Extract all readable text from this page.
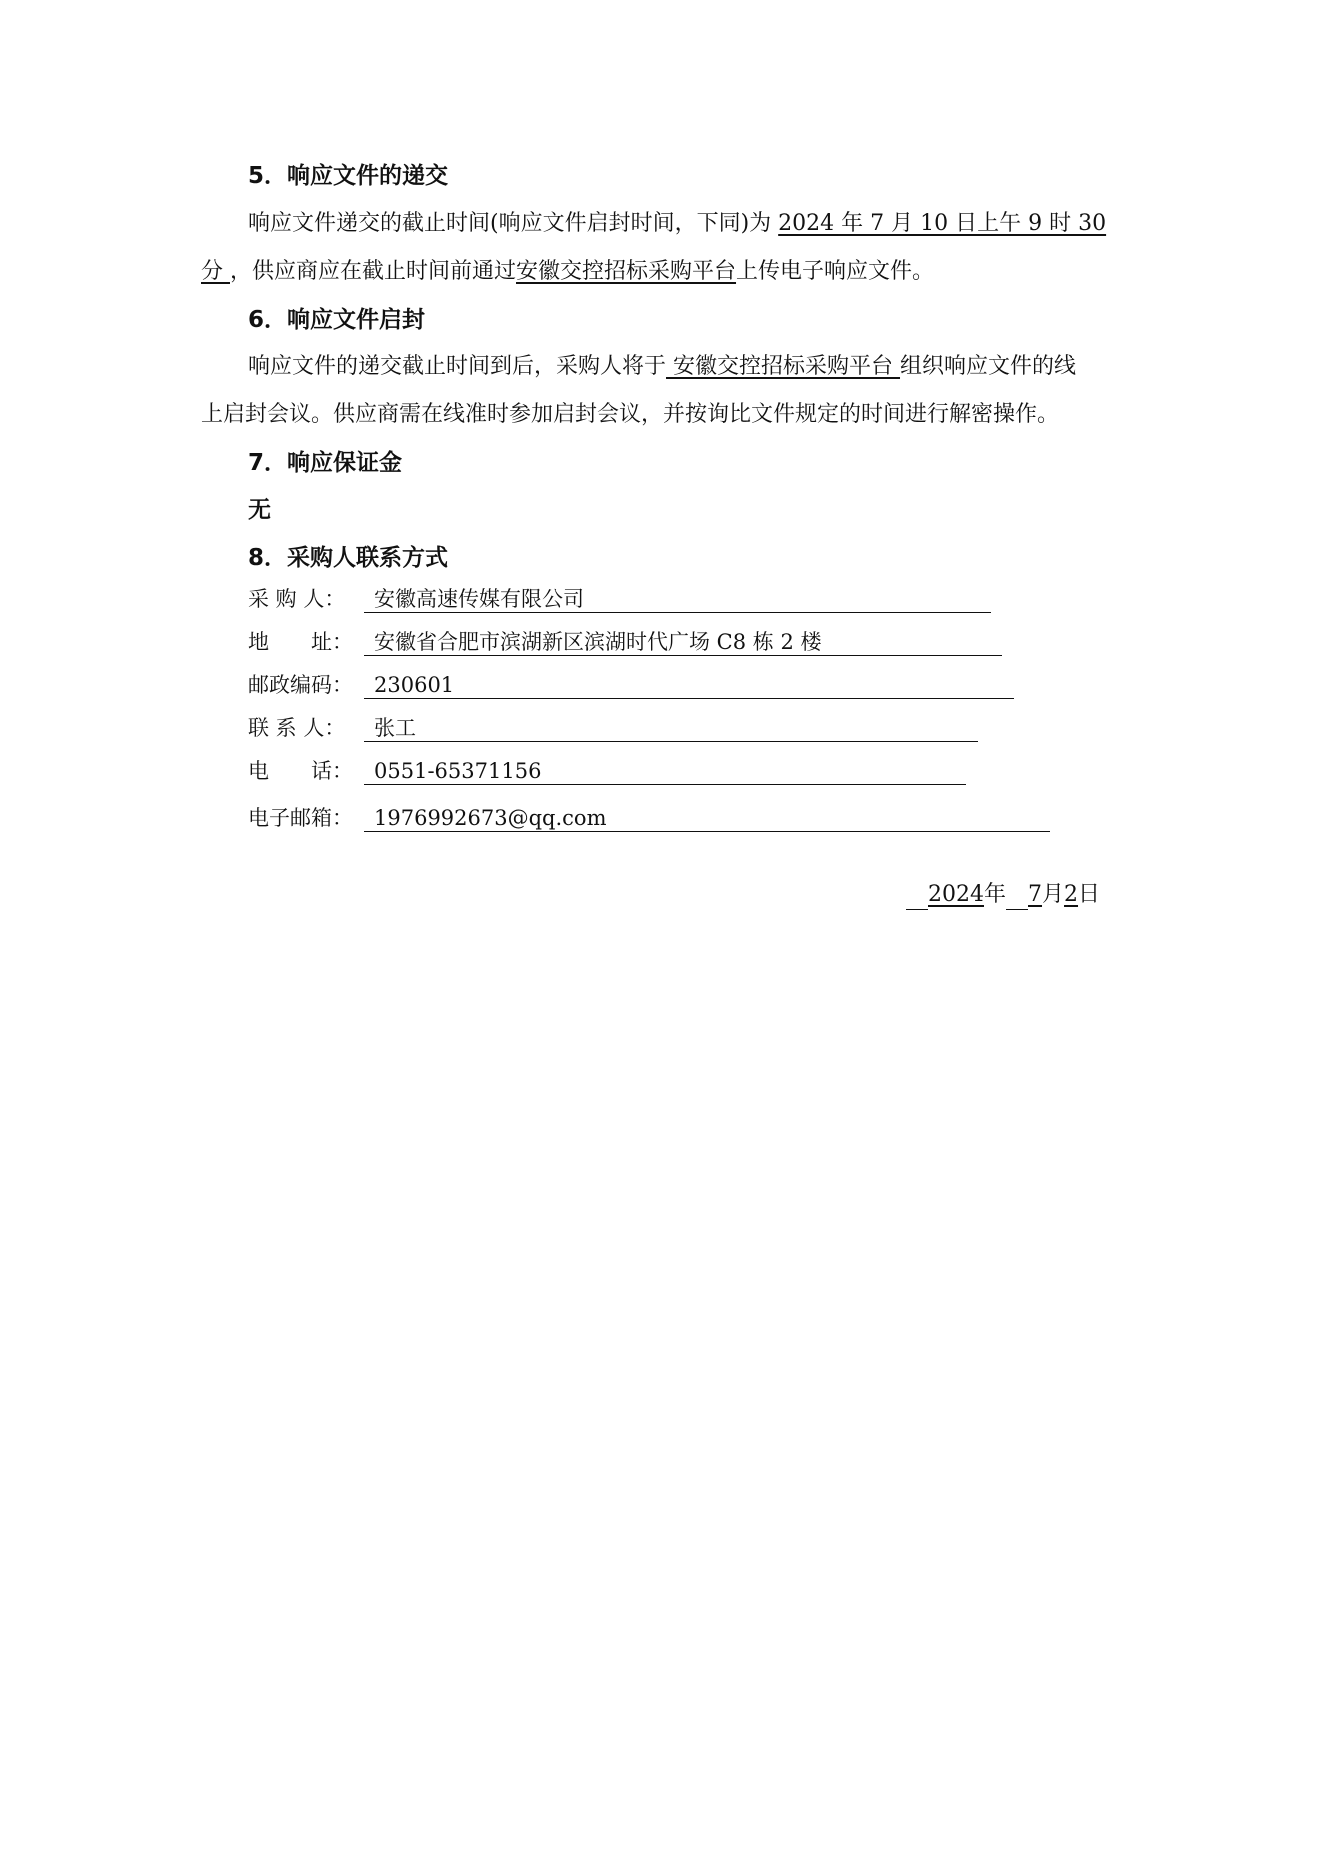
5．响应文件的递交
响应文件递交的截止时间(响应文件启封时间，下同)为 2024 年 7 月 10 日上午 9 时 30
分 ，供应商应在截止时间前通过安徽交控招标采购平台上传电子响应文件。
6．响应文件启封
响应文件的递交截止时间到后，采购人将于 安徽交控招标采购平台 组织响应文件的线
上启封会议。供应商需在线准时参加启封会议，并按询比文件规定的时间进行解密操作。
7．响应保证金
无
8．采购人联系方式
采 购 人：	安徽高速传媒有限公司
地　　址：	安徽省合肥市滨湖新区滨湖时代广场 C8 栋 2 楼
邮政编码：	230601
联 系 人：	张工
电　　话：	0551-65371156
电子邮箱：	1976992673@qq.com
2024年 7月2日
